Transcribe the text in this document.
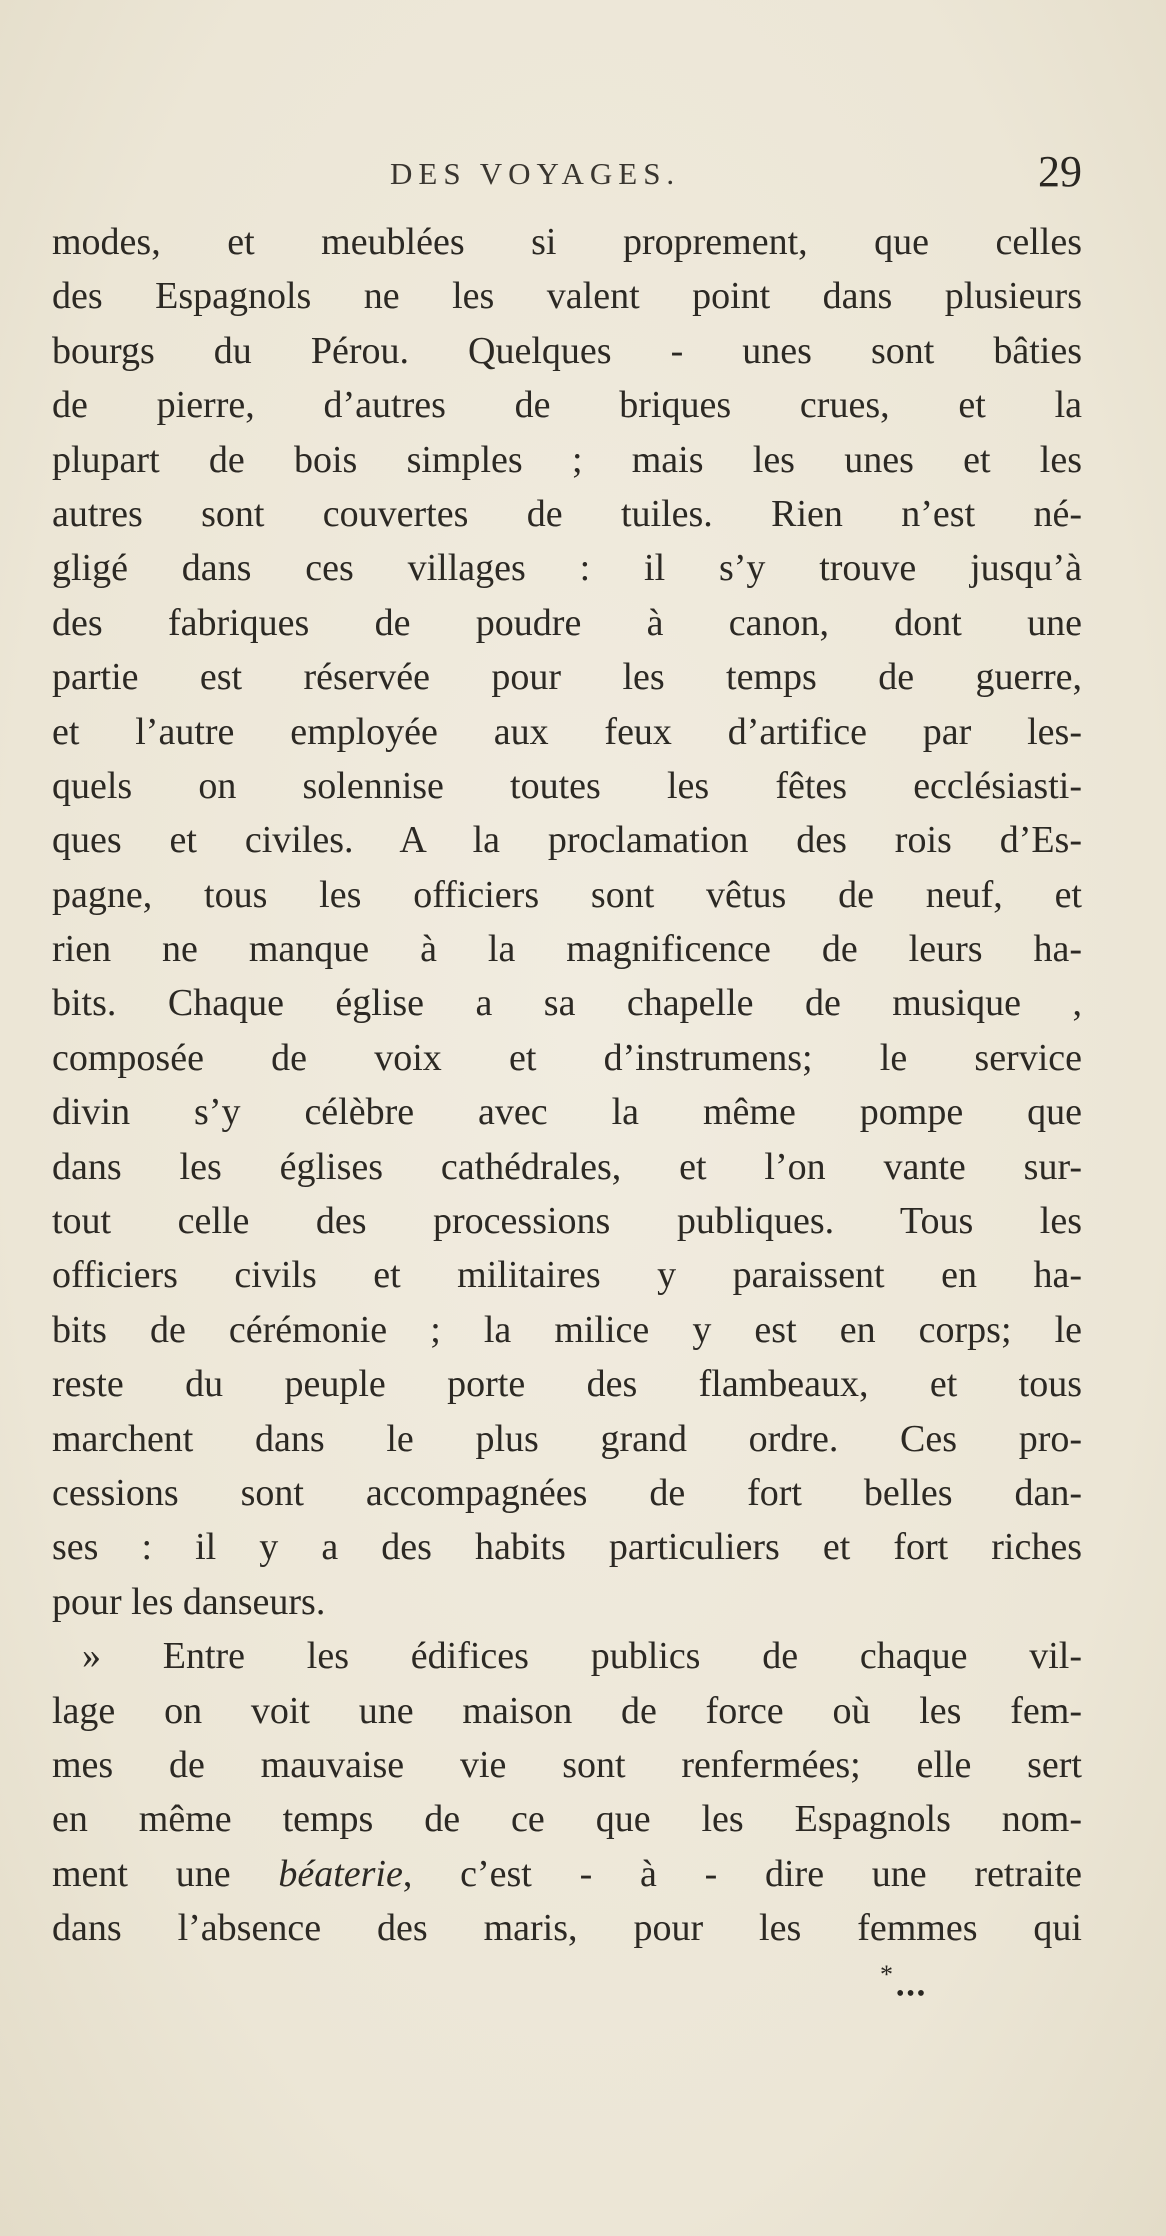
DES VOYAGES.	29
modes, et meublées si proprement, que celles
des Espagnols ne les valent point dans plusieurs
bourgs du Pérou. Quelques - unes sont bâties
de pierre, d’autres de briques crues, et la
plupart de bois simples ; mais les unes et les
autres sont couvertes de tuiles. Rien n’est né-
gligé dans ces villages : il s’y trouve jusqu’à
des fabriques de poudre à canon, dont une
partie est réservée pour les temps de guerre,
et l’autre employée aux feux d’artifice par les-
quels on solennise toutes les fêtes ecclésiasti-
ques et civiles. A la proclamation des rois d’Es-
pagne, tous les officiers sont vêtus de neuf, et
rien ne manque à la magnificence de leurs ha-
bits. Chaque église a sa chapelle de musique ,
composée de voix et d’instrumens; le service
divin s’y célèbre avec la même pompe que
dans les églises cathédrales, et l’on vante sur-
tout celle des processions publiques. Tous les
officiers civils et militaires y paraissent en ha-
bits de cérémonie ; la milice y est en corps; le
reste du peuple porte des flambeaux, et tous
marchent dans le plus grand ordre. Ces pro-
cessions sont accompagnées de fort belles dan-
ses : il y a des habits particuliers et fort riches
pour les danseurs.
» Entre les édifices publics de chaque vil-
lage on voit une maison de force où les fem-
mes de mauvaise vie sont renfermées; elle sert
en même temps de ce que les Espagnols nom-
ment une béaterie, c’est - à - dire une retraite
dans l’absence des maris, pour les femmes qui
*
•••
